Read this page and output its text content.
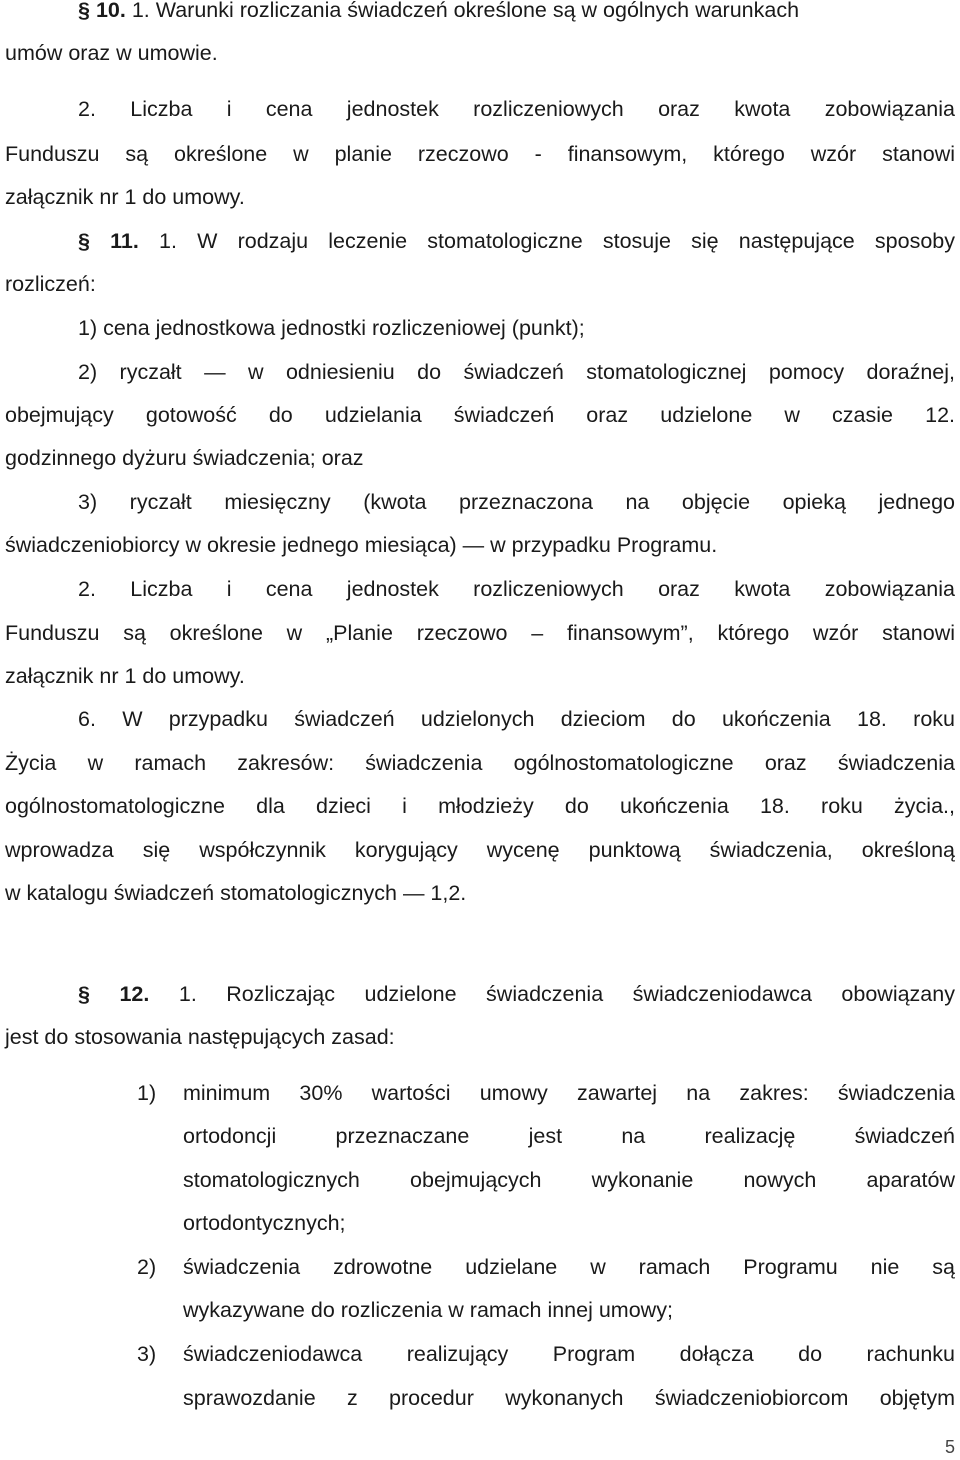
§ 10. 1. Warunki rozliczania świadczeń określone są w ogólnych warunkach
umów oraz w umowie.
2. Liczba i cena jednostek rozliczeniowych oraz kwota zobowiązania
Funduszu są określone w planie rzeczowo - finansowym, którego wzór stanowi
załącznik nr 1 do umowy.
§ 11. 1. W rodzaju leczenie stomatologiczne stosuje się następujące sposoby
rozliczeń:
1) cena jednostkowa jednostki rozliczeniowej (punkt);
2) ryczałt — w odniesieniu do świadczeń stomatologicznej pomocy doraźnej,
obejmujący gotowość do udzielania świadczeń oraz udzielone w czasie 12.
godzinnego dyżuru świadczenia; oraz
3) ryczałt miesięczny (kwota przeznaczona na objęcie opieką jednego
świadczeniobiorcy w okresie jednego miesiąca) — w przypadku Programu.
2. Liczba i cena jednostek rozliczeniowych oraz kwota zobowiązania
Funduszu są określone w „Planie rzeczowo – finansowym”, którego wzór stanowi
załącznik nr 1 do umowy.
6. W przypadku świadczeń udzielonych dzieciom do ukończenia 18. roku
Życia w ramach zakresów: świadczenia ogólnostomatologiczne oraz świadczenia
ogólnostomatologiczne dla dzieci i młodzieży do ukończenia 18. roku życia.,
wprowadza się współczynnik korygujący wycenę punktową świadczenia, określoną
w katalogu świadczeń stomatologicznych — 1,2.
§ 12. 1. Rozliczając udzielone świadczenia świadczeniodawca obowiązany
jest do stosowania następujących zasad:
1) minimum 30% wartości umowy zawartej na zakres: świadczenia
ortodoncji przeznaczane jest na realizację świadczeń
stomatologicznych obejmujących wykonanie nowych aparatów
ortodontycznych;
2) świadczenia zdrowotne udzielane w ramach Programu nie są
wykazywane do rozliczenia w ramach innej umowy;
3) świadczeniodawca realizujący Program dołącza do rachunku
sprawozdanie z procedur wykonanych świadczeniobiorcom objętym
5
